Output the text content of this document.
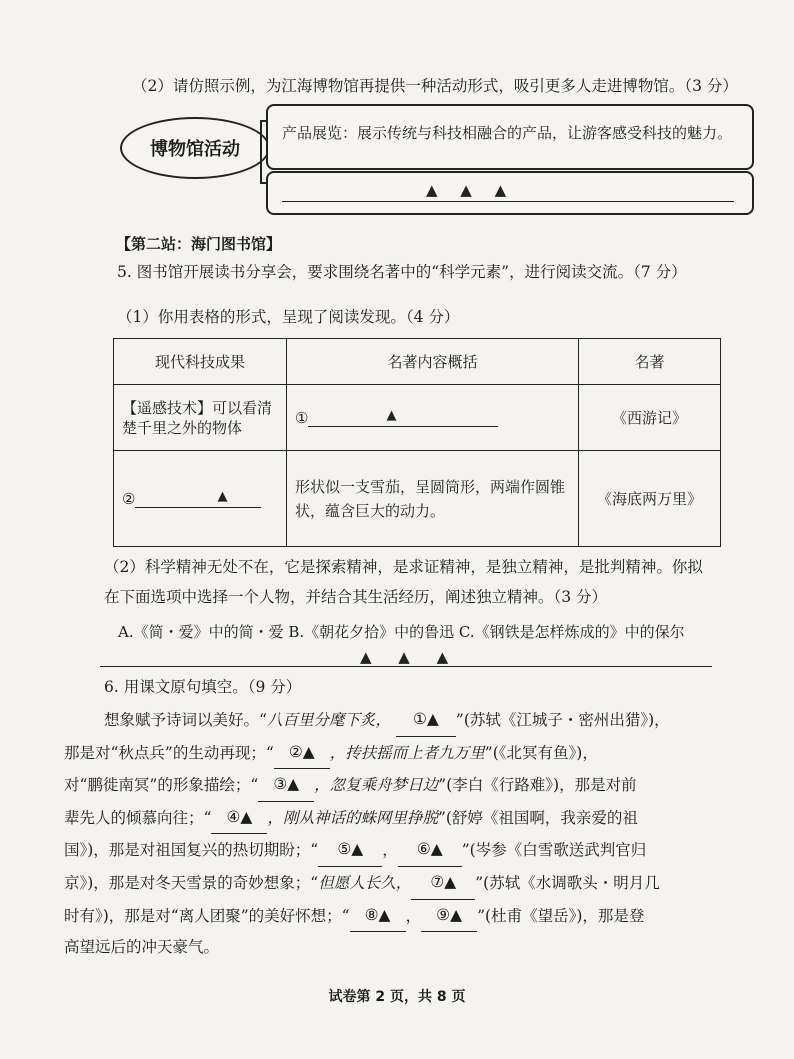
（2）请仿照示例，为江海博物馆再提供一种活动形式，吸引更多人走进博物馆。（3 分）
博物馆活动
产品展览：展示传统与科技相融合的产品，让游客感受科技的魅力。
▲ ▲ ▲
【第二站：海门图书馆】
5. 图书馆开展读书分享会，要求围绕名著中的“科学元素”，进行阅读交流。（7 分）
（1）你用表格的形式，呈现了阅读发现。（4 分）
现代科技成果	名著内容概括	名著
【遥感技术】可以看清楚千里之外的物体	① ▲	《西游记》
② ▲	形状似一支雪茄，呈圆筒形，两端作圆锥状，蕴含巨大的动力。	《海底两万里》
（2）科学精神无处不在，它是探索精神，是求证精神，是独立精神，是批判精神。你拟
在下面选项中选择一个人物，并结合其生活经历，阐述独立精神。（3 分）
A.《简・爱》中的简・爱 B.《朝花夕拾》中的鲁迅 C.《钢铁是怎样炼成的》中的保尔
▲ ▲ ▲
6. 用课文原句填空。（9 分）

想象赋予诗词以美好。“八百里分麾下炙， ①▲ ”(苏轼《江城子・密州出猎》)，

那是对“秋点兵”的生动再现；“ ②▲ ，抟扶摇而上者九万里”(《北冥有鱼》)，

对“鹏徙南冥”的形象描绘；“ ③▲ ，忽复乘舟梦日边”(李白《行路难》)，那是对前

辈先人的倾慕向往；“ ④▲ ，刚从神话的蛛网里挣脱”(舒婷《祖国啊，我亲爱的祖

国》)，那是对祖国复兴的热切期盼；“ ⑤▲ ， ⑥▲ ”(岑参《白雪歌送武判官归

京》)，那是对冬天雪景的奇妙想象；“但愿人长久， ⑦▲ ”(苏轼《水调歌头・明月几

时有》)，那是对“离人团聚”的美好怀想；“ ⑧▲ ， ⑨▲ ”(杜甫《望岳》)，那是登

高望远后的冲天豪气。

试卷第 2 页，共 8 页
